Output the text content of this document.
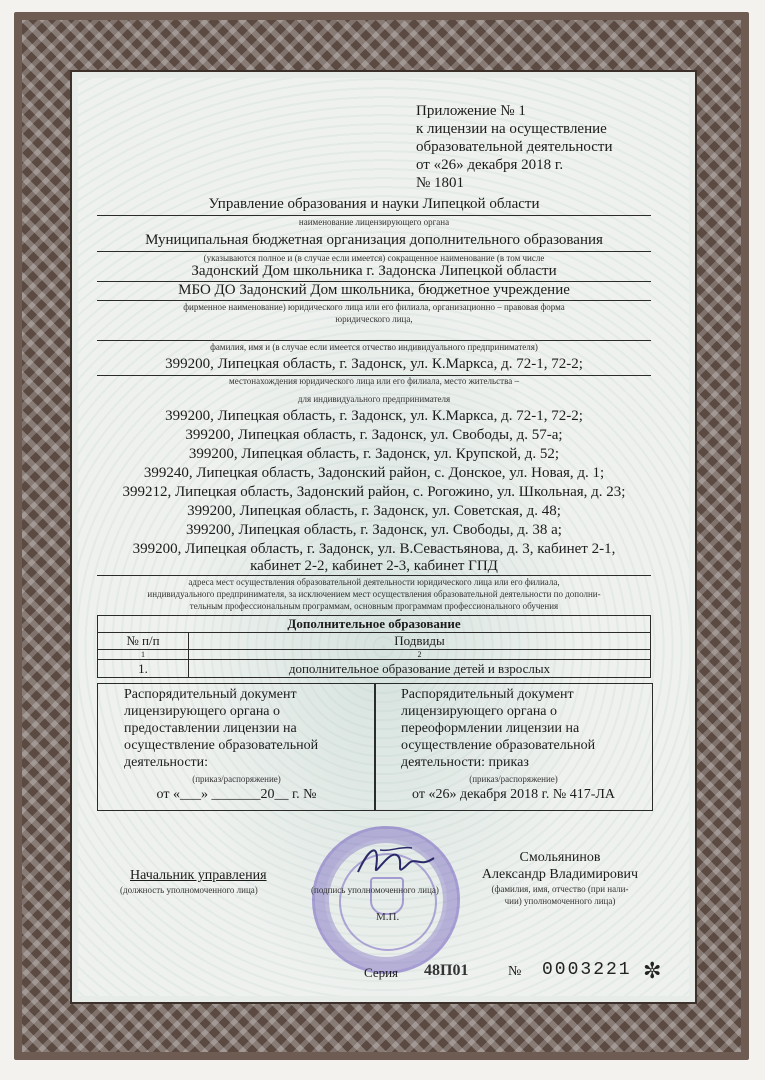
Приложение № 1
к лицензии на осуществление
образовательной деятельности
от «26» декабря 2018 г.
№ 1801
Управление образования и науки Липецкой области
наименование лицензирующего органа
Муниципальная бюджетная организация дополнительного образования
(указываются полное и (в случае если имеется) сокращенное наименование (в том числе
Задонский Дом школьника г. Задонска Липецкой области
МБО ДО Задонский Дом школьника, бюджетное учреждение
фирменное наименование) юридического лица или его филиала, организационно – правовая форма
юридического лица,
фамилия, имя и (в случае если имеется отчество индивидуального предпринимателя)
399200, Липецкая область, г. Задонск, ул. К.Маркса, д. 72-1, 72-2;
местонахождения юридического лица или его филиала, место жительства –
для индивидуального предпринимателя
399200, Липецкая область, г. Задонск, ул. К.Маркса, д. 72-1, 72-2;
399200, Липецкая область, г. Задонск, ул. Свободы, д. 57-а;
399200, Липецкая область, г. Задонск, ул. Крупской, д. 52;
399240, Липецкая область, Задонский район, с. Донское, ул. Новая, д. 1;
399212, Липецкая область, Задонский район, с. Рогожино, ул. Школьная, д. 23;
399200, Липецкая область, г. Задонск, ул. Советская, д. 48;
399200, Липецкая область, г. Задонск, ул. Свободы, д. 38 а;
399200, Липецкая область, г. Задонск, ул. В.Севастьянова, д. 3, кабинет 2-1,
кабинет 2-2, кабинет 2-3, кабинет ГПД
адреса мест осуществления образовательной деятельности юридического лица или его филиала,
индивидуального предпринимателя, за исключением мест осуществления образовательной деятельности по дополни-
тельным профессиональным программам, основным программам профессионального обучения
Дополнительное образование	
№ п/п	Подвиды
1	2
1.	дополнительное образование детей и взрослых
Распорядительный документ
лицензирующего органа о
предоставлении лицензии на
осуществление образовательной
деятельности:
(приказ/распоряжение)
от «___» _______20__ г. №
Распорядительный документ
лицензирующего органа о
переоформлении лицензии на
осуществление образовательной
деятельности: приказ
(приказ/распоряжение)
от «26» декабря 2018 г. № 417-ЛА
Начальник управления
(должность уполномоченного лица)	(подпись уполномоченного лица)
М.П.
Смольянинов
Александр Владимирович
(фамилия, имя, отчество (при нали-
чии) уполномоченного лица)
Серия 48П01	№ 0003221 ✼
